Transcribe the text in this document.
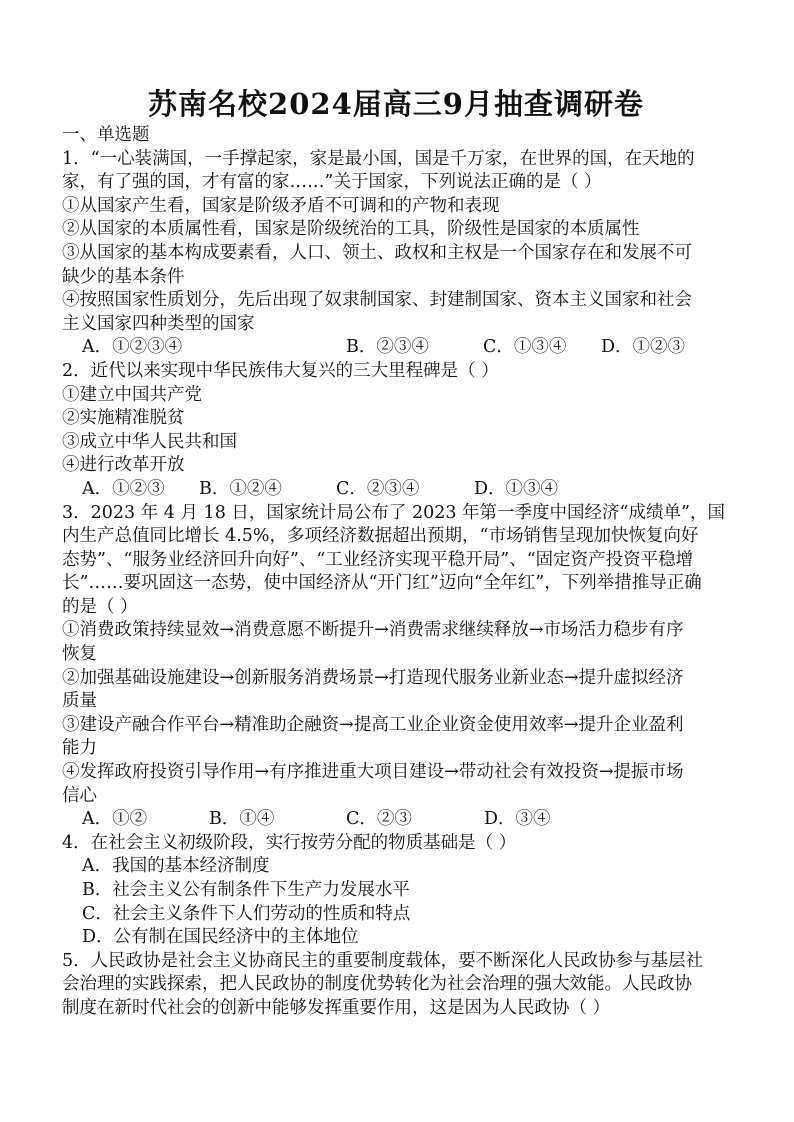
苏南名校2024届高三9月抽查调研卷
一、单选题
1．“一心装满国，一手撑起家，家是最小国，国是千万家，在世界的国，在天地的
家，有了强的国，才有富的家……”关于国家，下列说法正确的是（ ）
①从国家产生看，国家是阶级矛盾不可调和的产物和表现
②从国家的本质属性看，国家是阶级统治的工具，阶级性是国家的本质属性
③从国家的基本构成要素看，人口、领土、政权和主权是一个国家存在和发展不可
缺少的基本条件
④按照国家性质划分，先后出现了奴隶制国家、封建制国家、资本主义国家和社会
主义国家四种类型的国家
A．①②③④	B．②③④	C．①③④	D．①②③
2．近代以来实现中华民族伟大复兴的三大里程碑是（ ）
①建立中国共产党
②实施精准脱贫
③成立中华人民共和国
④进行改革开放
A．①②③	B．①②④	C．②③④	D．①③④
3．2023 年 4 月 18 日，国家统计局公布了 2023 年第一季度中国经济“成绩单”，国
内生产总值同比增长 4.5%，多项经济数据超出预期，“市场销售呈现加快恢复向好
态势”、“服务业经济回升向好”、“工业经济实现平稳开局”、“固定资产投资平稳增
长”……要巩固这一态势，使中国经济从“开门红”迈向“全年红”，下列举措推导正确
的是（ ）
①消费政策持续显效→消费意愿不断提升→消费需求继续释放→市场活力稳步有序
恢复
②加强基础设施建设→创新服务消费场景→打造现代服务业新业态→提升虚拟经济
质量
③建设产融合作平台→精准助企融资→提高工业企业资金使用效率→提升企业盈利
能力
④发挥政府投资引导作用→有序推进重大项目建设→带动社会有效投资→提振市场
信心
A．①②	B．①④	C．②③	D．③④
4．在社会主义初级阶段，实行按劳分配的物质基础是（ ）
A．我国的基本经济制度
B．社会主义公有制条件下生产力发展水平
C．社会主义条件下人们劳动的性质和特点
D．公有制在国民经济中的主体地位
5．人民政协是社会主义协商民主的重要制度载体，要不断深化人民政协参与基层社
会治理的实践探索，把人民政协的制度优势转化为社会治理的强大效能。人民政协
制度在新时代社会的创新中能够发挥重要作用，这是因为人民政协（ ）
